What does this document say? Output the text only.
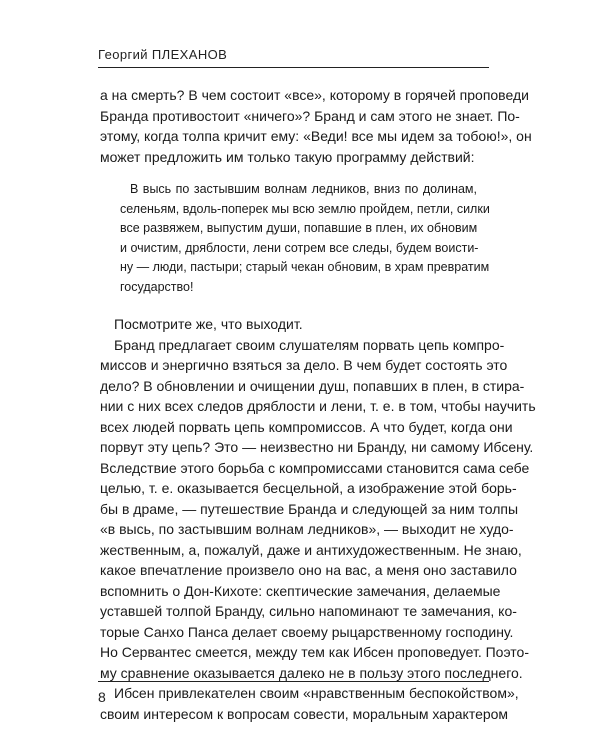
Георгий ПЛЕХАНОВ
а на смерть? В чем состоит «все», которому в горячей проповеди
Бранда противостоит «ничего»? Бранд и сам этого не знает. По-
этому, когда толпа кричит ему: «Веди! все мы идем за тобою!», он
может предложить им только такую программу действий:
В высь по застывшим волнам ледников, вниз по долинам,
селеньям, вдоль-поперек мы всю землю пройдем, петли, силки
все развяжем, выпустим души, попавшие в плен, их обновим
и очистим, дряблости, лени сотрем все следы, будем воисти-
ну — люди, пастыри; старый чекан обновим, в храм превратим
государство!
Посмотрите же, что выходит.
Бранд предлагает своим слушателям порвать цепь компро-
миссов и энергично взяться за дело. В чем будет состоять это
дело? В обновлении и очищении душ, попавших в плен, в стира-
нии с них всех следов дряблости и лени, т. е. в том, чтобы научить
всех людей порвать цепь компромиссов. А что будет, когда они
порвут эту цепь? Это — неизвестно ни Бранду, ни самому Ибсену.
Вследствие этого борьба с компромиссами становится сама себе
целью, т. е. оказывается бесцельной, а изображение этой борь-
бы в драме, — путешествие Бранда и следующей за ним толпы
«в высь, по застывшим волнам ледников», — выходит не худо-
жественным, а, пожалуй, даже и антихудожественным. Не знаю,
какое впечатление произвело оно на вас, а меня оно заставило
вспомнить о Дон-Кихоте: скептические замечания, делаемые
уставшей толпой Бранду, сильно напоминают те замечания, ко-
торые Санхо Панса делает своему рыцарственному господину.
Но Сервантес смеется, между тем как Ибсен проповедует. Поэто-
му сравнение оказывается далеко не в пользу этого последнего.
Ибсен привлекателен своим «нравственным беспокойством»,
своим интересом к вопросам совести, моральным характером
8
